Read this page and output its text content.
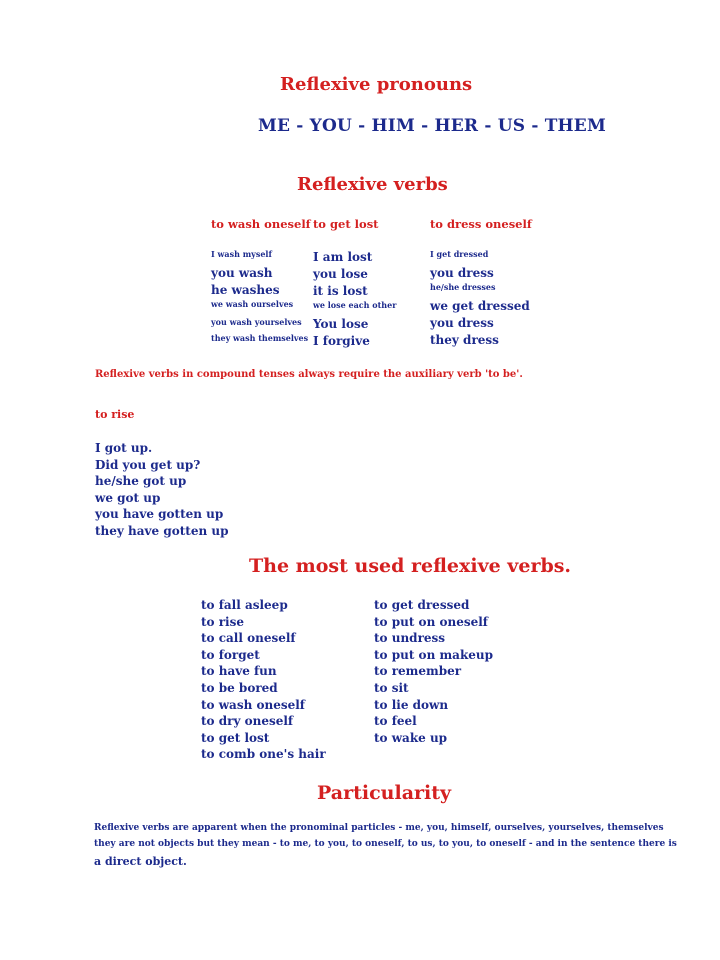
Reflexive pronouns
ME - YOU - HIM - HER - US - THEM
Reflexive verbs
to wash oneself to get lost	to dress oneself
I wash myself
you wash
he washes
we wash ourselves
you wash yourselves
they wash themselves
I am lost
you lose
it is lost
we lose each other
You lose
I forgive
I get dressed
you dress
he/she dresses
we get dressed
you dress
they dress
Reflexive verbs in compound tenses always require the auxiliary verb 'to be'.
to rise
I got up.
Did you get up?
he/she got up
we got up
you have gotten up
they have gotten up
The most used reflexive verbs.
to fall asleep
to rise
to call oneself
to forget
to have fun
to be bored
to wash oneself
to dry oneself
to get lost
to comb one's hair
to get dressed
to put on oneself
to undress
to put on makeup
to remember
to sit
to lie down
to feel
to wake up
Particularity
Reflexive verbs are apparent when the pronominal particles - me, you, himself, ourselves, yourselves, themselves
they are not objects but they mean - to me, to you, to oneself, to us, to you, to oneself - and in the sentence there is
a direct object.
